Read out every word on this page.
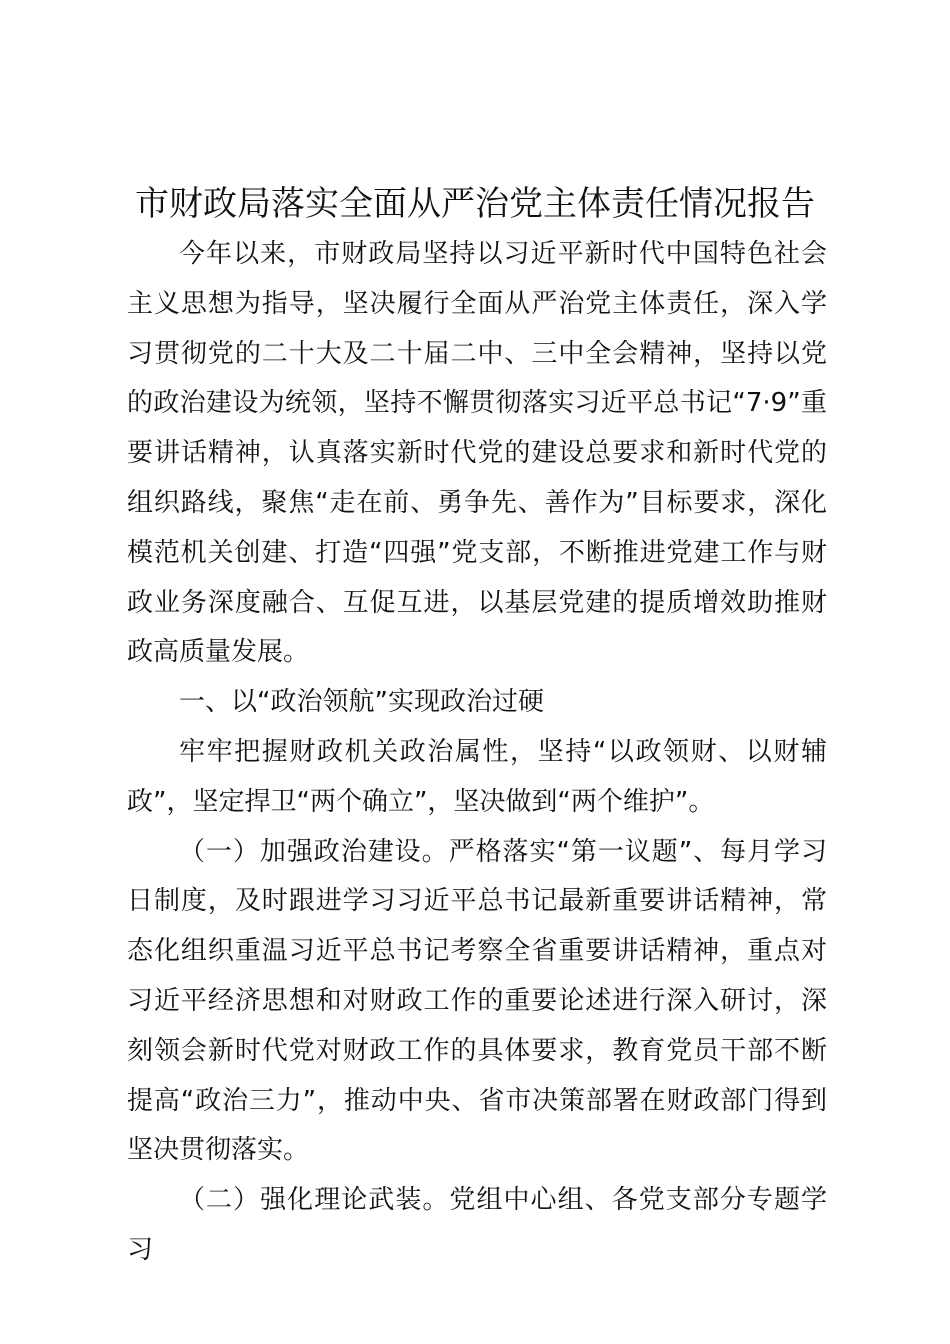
市财政局落实全面从严治党主体责任情况报告

今年以来，市财政局坚持以习近平新时代中国特色社会主义思想为指导，坚决履行全面从严治党主体责任，深入学习贯彻党的二十大及二十届二中、三中全会精神，坚持以党的政治建设为统领，坚持不懈贯彻落实习近平总书记“7·9”重要讲话精神，认真落实新时代党的建设总要求和新时代党的组织路线，聚焦“走在前、勇争先、善作为”目标要求，深化模范机关创建、打造“四强”党支部，不断推进党建工作与财政业务深度融合、互促互进，以基层党建的提质增效助推财政高质量发展。

一、以“政治领航”实现政治过硬

牢牢把握财政机关政治属性，坚持“以政领财、以财辅政”，坚定捍卫“两个确立”，坚决做到“两个维护”。

（一）加强政治建设。严格落实“第一议题”、每月学习日制度，及时跟进学习习近平总书记最新重要讲话精神，常态化组织重温习近平总书记考察全省重要讲话精神，重点对习近平经济思想和对财政工作的重要论述进行深入研讨，深刻领会新时代党对财政工作的具体要求，教育党员干部不断提高“政治三力”，推动中央、省市决策部署在财政部门得到坚决贯彻落实。

（二）强化理论武装。党组中心组、各党支部分专题学习
